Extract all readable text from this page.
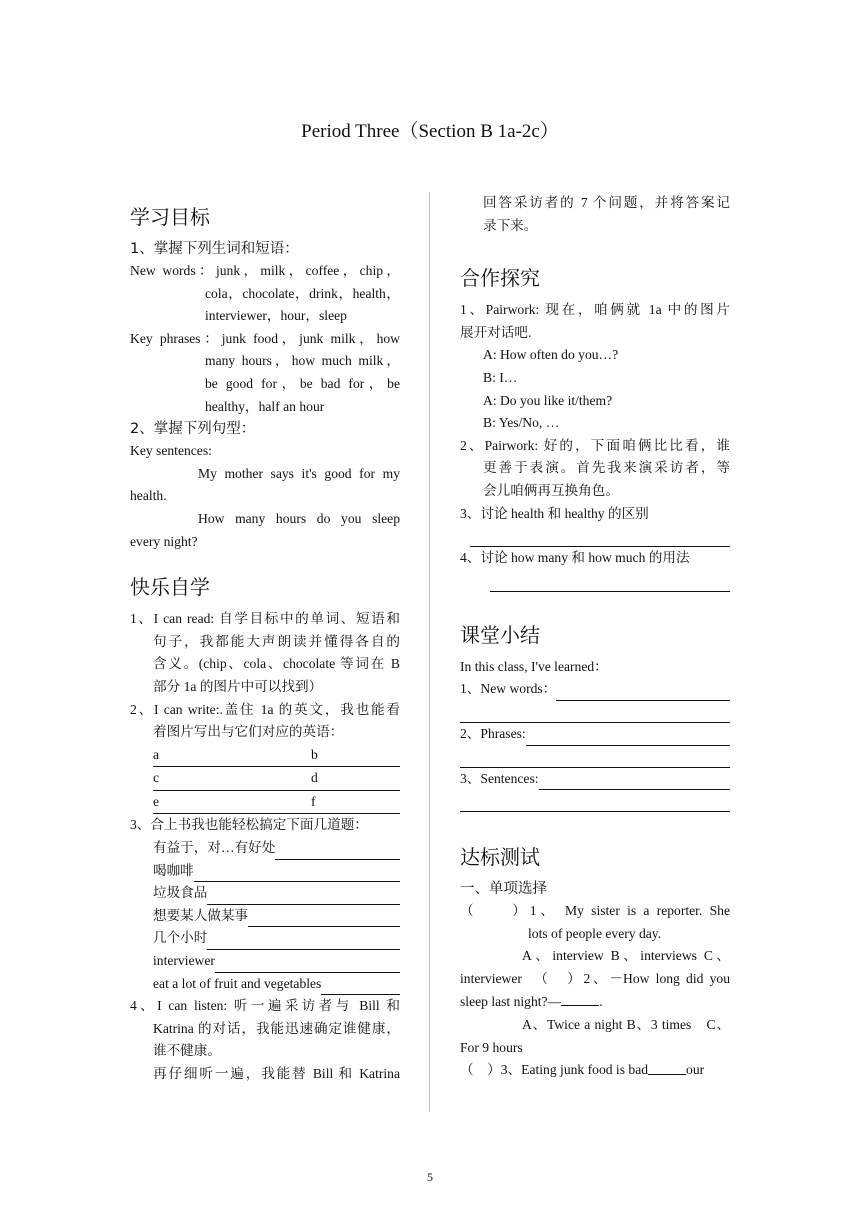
Period Three（Section B 1a-2c）
学习目标
1、掌握下列生词和短语：
New words：junk，milk，coffee，chip，
cola，chocolate，drink，health，
interviewer，hour，sleep
Key phrases：junk food，junk milk，how
many hours，how much milk，
be good for，be bad for，be
healthy，half an hour
2、掌握下列句型：
Key sentences:
My mother says it's good for my
health.
How many hours do you sleep
every night?
快乐自学
1、I can read: 自学目标中的单词、短语和
句子，我都能大声朗读并懂得各自的
含义。(chip、cola、chocolate 等词在 B
部分 1a 的图片中可以找到）
2、I can write:.盖住 1a 的英文，我也能看
着图片写出与它们对应的英语：
a	b
c	d
e	f
3、合上书我也能轻松搞定下面几道题：
有益于，对…有好处
喝咖啡
垃圾食品
想要某人做某事
几个小时
interviewer
eat a lot of fruit and vegetables
4、I can listen: 听一遍采访者与 Bill 和
Katrina 的对话，我能迅速确定谁健康，
谁不健康。
再仔细听一遍，我能替 Bill 和 Katrina
回答采访者的 7 个问题，并将答案记
录下来。
合作探究
1、Pairwork: 现在，咱俩就 1a 中的图片
展开对话吧.
A: How often do you…?
B: I…
A: Do you like it/them?
B: Yes/No, …
2、Pairwork: 好的，下面咱俩比比看，谁
更善于表演。首先我来演采访者，等
会儿咱俩再互换角色。
3、讨论 health 和 healthy 的区别
4、讨论 how many 和 how much 的用法
课堂小结
In this class, I've learned：
1、New words：
2、Phrases:
3、Sentences:
达标测试
一、单项选择
（　　）1、 My sister is a reporter. She
lots of people every day.
A、interview B、interviews C、
interviewer　（　）2、－How long did you
sleep last night?—	.
A、Twice a night B、3 times　C、
For 9 hours
（　）3、Eating junk food is bad	our
5
